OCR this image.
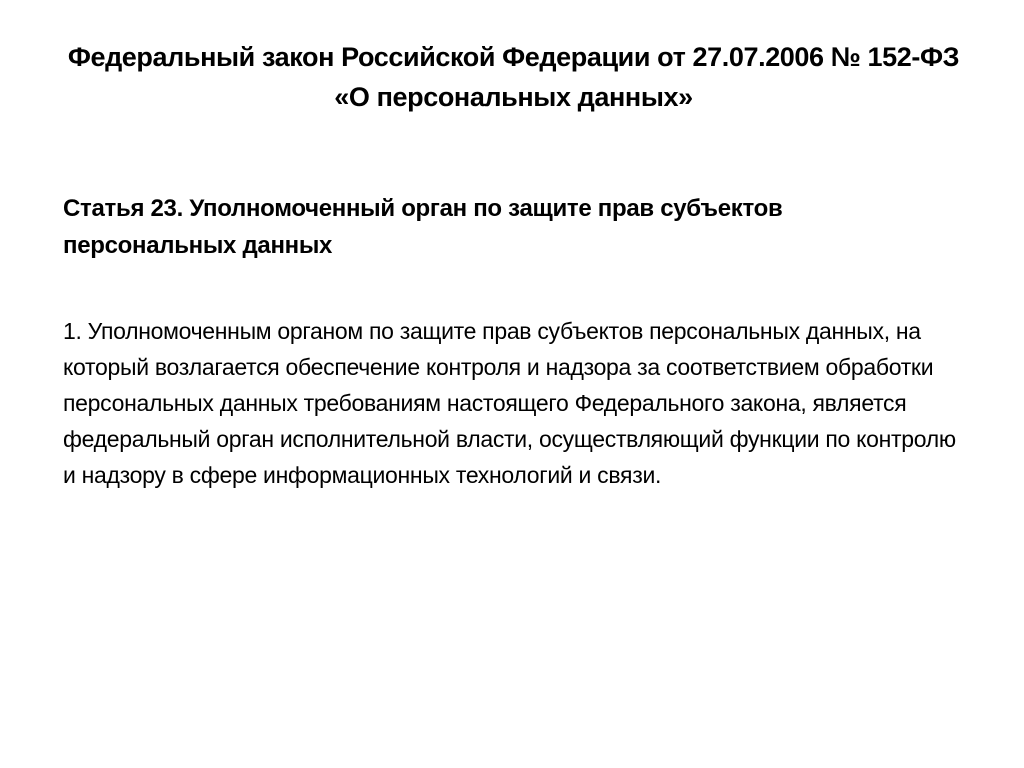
Федеральный закон Российской Федерации от 27.07.2006 № 152-ФЗ «О персональных данных»
Статья 23. Уполномоченный орган по защите прав субъектов персональных данных

1. Уполномоченным органом по защите прав субъектов персональных данных, на который возлагается обеспечение контроля и надзора за соответствием обработки персональных данных требованиям настоящего Федерального закона, является федеральный орган исполнительной власти, осуществляющий функции по контролю и надзору в сфере информационных технологий и связи.
